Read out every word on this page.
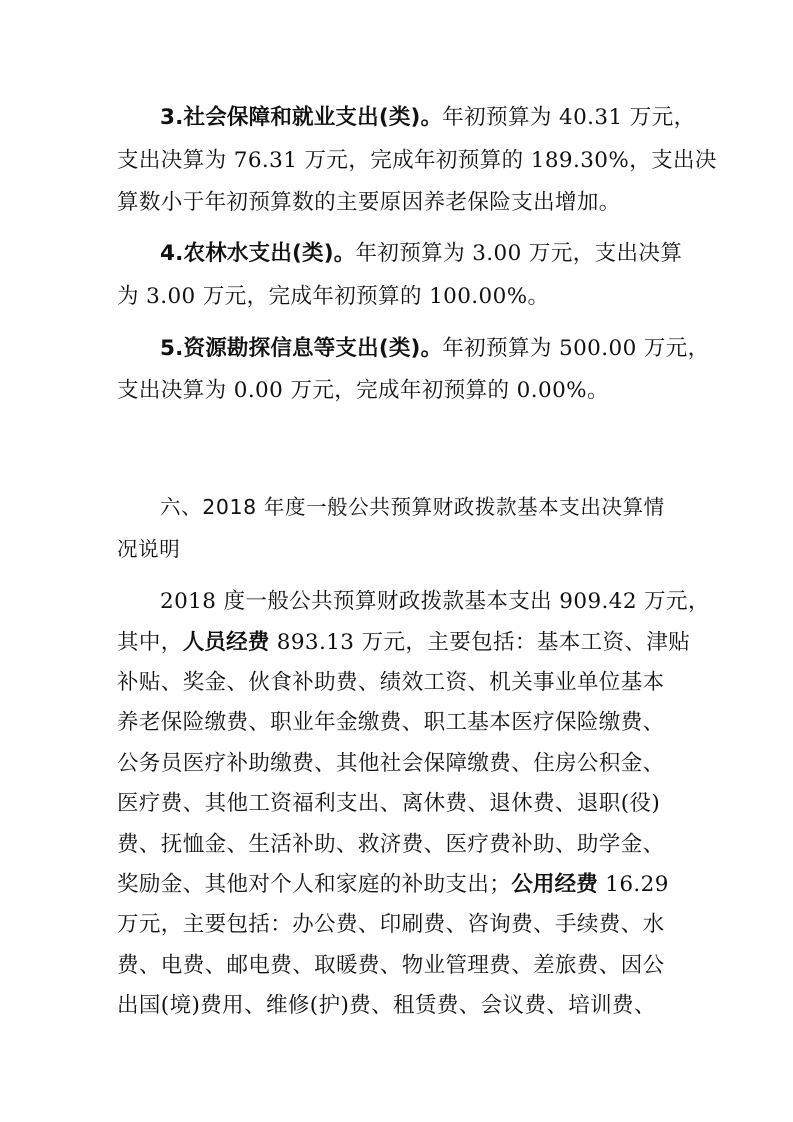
3.社会保障和就业支出(类)。年初预算为 40.31 万元，
支出决算为 76.31 万元，完成年初预算的 189.30%，支出决
算数小于年初预算数的主要原因养老保险支出增加。
4.农林水支出(类)。年初预算为 3.00 万元，支出决算
为 3.00 万元，完成年初预算的 100.00%。
5.资源勘探信息等支出(类)。年初预算为 500.00 万元，
支出决算为 0.00 万元，完成年初预算的 0.00%。
六、2018 年度一般公共预算财政拨款基本支出决算情
况说明
2018 度一般公共预算财政拨款基本支出 909.42 万元，
其中，人员经费 893.13 万元，主要包括：基本工资、津贴
补贴、奖金、伙食补助费、绩效工资、机关事业单位基本
养老保险缴费、职业年金缴费、职工基本医疗保险缴费、
公务员医疗补助缴费、其他社会保障缴费、住房公积金、
医疗费、其他工资福利支出、离休费、退休费、退职(役)
费、抚恤金、生活补助、救济费、医疗费补助、助学金、
奖励金、其他对个人和家庭的补助支出；公用经费 16.29
万元，主要包括：办公费、印刷费、咨询费、手续费、水
费、电费、邮电费、取暖费、物业管理费、差旅费、因公
出国(境)费用、维修(护)费、租赁费、会议费、培训费、
